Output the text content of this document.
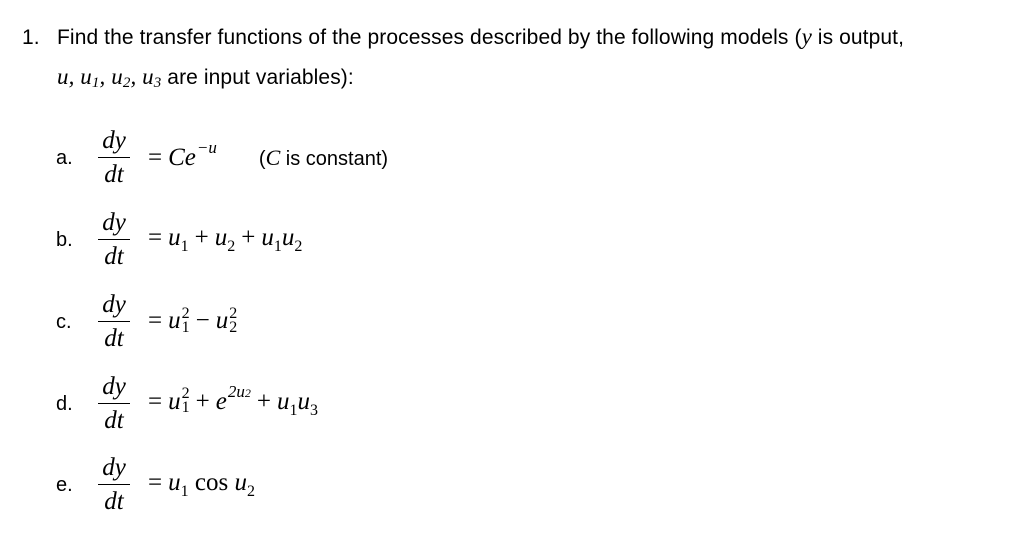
1. Find the transfer functions of the processes described by the following models (y is output,
u, $u_1$, $u_2$, $u_3$ are input variables):
a. $\frac{dy}{dt} = Ce^{-u}$
(C is constant)
b. $\frac{dy}{dt} = u_1 + u_2 + u_1u_2$
c. $\frac{dy}{dt} = u$ 2
1 − u 2
2
d. $\frac{dy}{dt} = u$ 2
$1 + e^{2u2} + u_1u_3$
e. $\frac{dy}{dt} = u_1$ $\cos u_2$
